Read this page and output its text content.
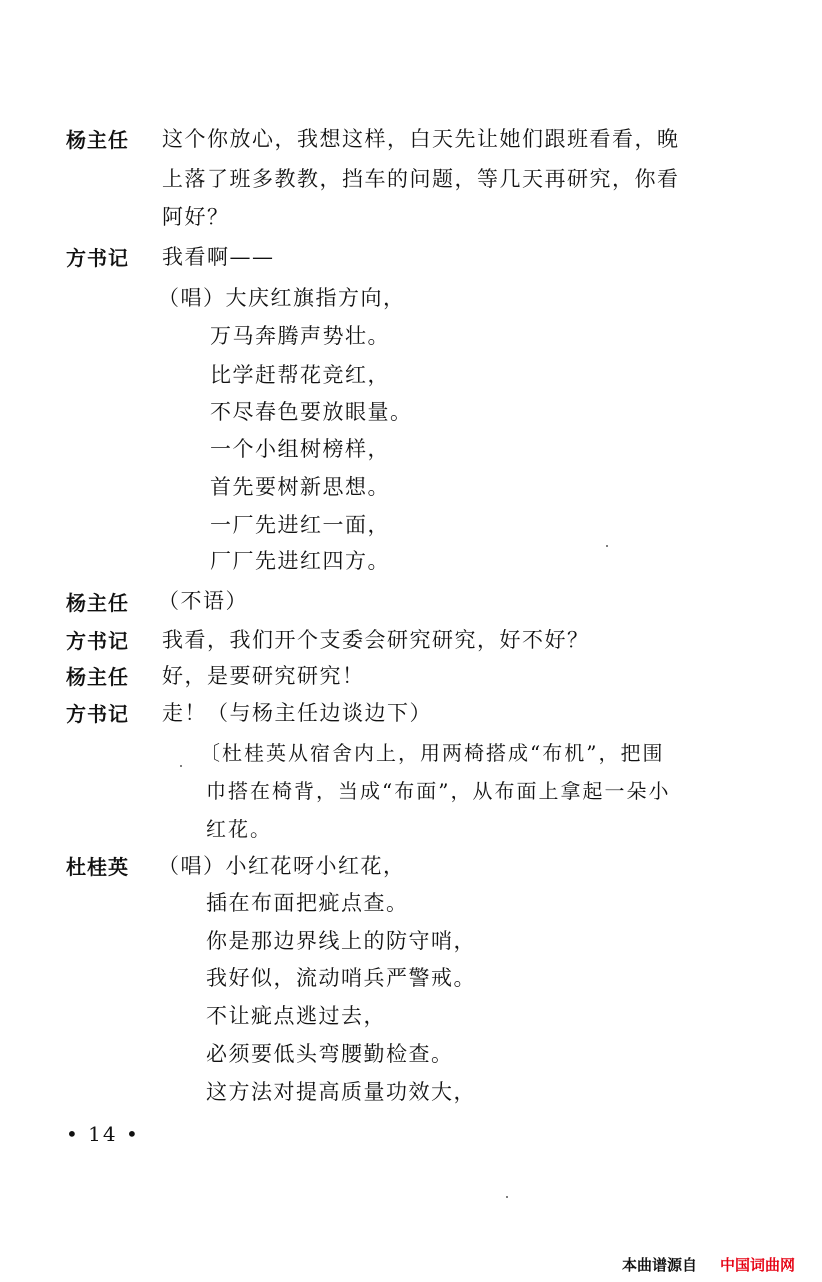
杨主任 这个你放心，我想这样，白天先让她们跟班看看，晚
上落了班多教教，挡车的问题，等几天再研究，你看
阿好？
方书记 我看啊——
（唱）大庆红旗指方向，
万马奔腾声势壮。
比学赶帮花竞红，
不尽春色要放眼量。
一个小组树榜样，
首先要树新思想。
一厂先进红一面，
厂厂先进红四方。
杨主任 （不语）
方书记 我看，我们开个支委会研究研究，好不好？
杨主任 好，是要研究研究！
方书记 走！（与杨主任边谈边下）
〔杜桂英从宿舍内上，用两椅搭成“布机”，把围
巾搭在椅背，当成“布面”，从布面上拿起一朵小
红花。
杜桂英 （唱）小红花呀小红花，
插在布面把疵点查。
你是那边界线上的防守哨，
我好似，流动哨兵严警戒。
不让疵点逃过去，
必须要低头弯腰勤检查。
这方法对提高质量功效大，
• 14 •
本曲谱源自 中国词曲网
